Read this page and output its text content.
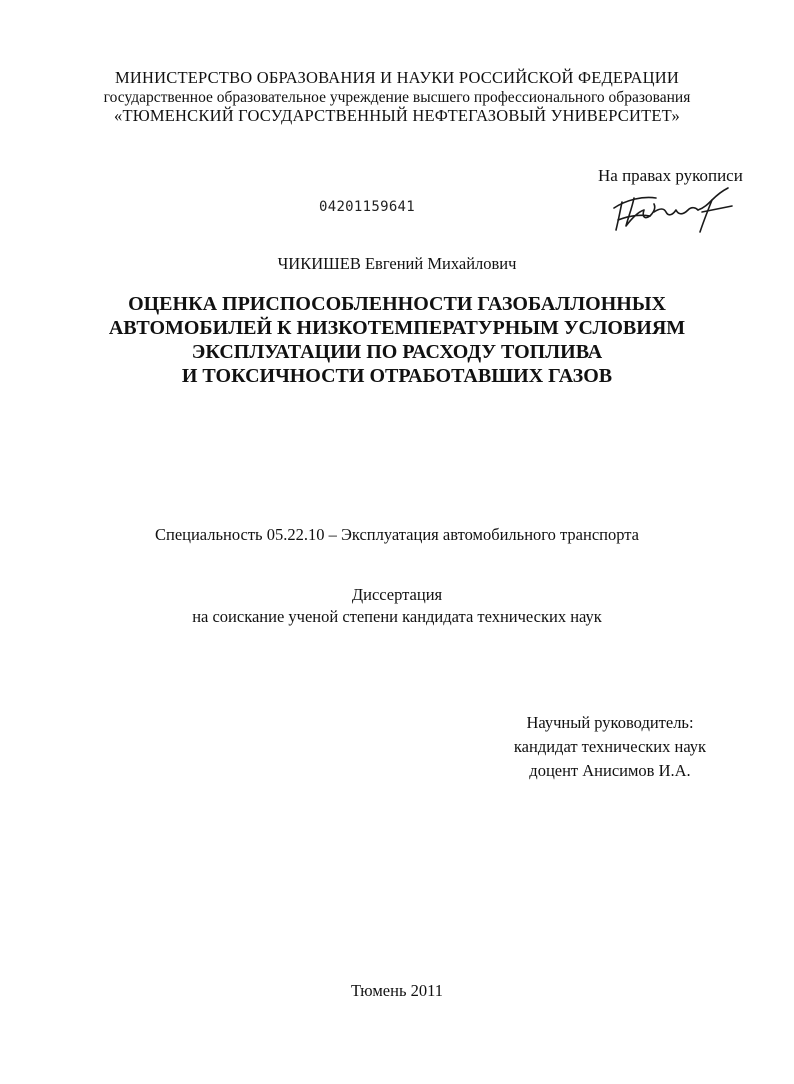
МИНИСТЕРСТВО ОБРАЗОВАНИЯ И НАУКИ РОССИЙСКОЙ ФЕДЕРАЦИИ
государственное образовательное учреждение высшего профессионального образования
«ТЮМЕНСКИЙ ГОСУДАРСТВЕННЫЙ НЕФТЕГАЗОВЫЙ УНИВЕРСИТЕТ»
На правах рукописи
04201159641
ЧИКИШЕВ Евгений Михайлович
ОЦЕНКА ПРИСПОСОБЛЕННОСТИ ГАЗОБАЛЛОННЫХ
АВТОМОБИЛЕЙ К НИЗКОТЕМПЕРАТУРНЫМ УСЛОВИЯМ
ЭКСПЛУАТАЦИИ ПО РАСХОДУ ТОПЛИВА
И ТОКСИЧНОСТИ ОТРАБОТАВШИХ ГАЗОВ
Специальность 05.22.10 – Эксплуатация автомобильного транспорта
Диссертация
на соискание ученой степени кандидата технических наук
Научный руководитель:
кандидат технических наук
доцент Анисимов И.А.
Тюмень 2011
